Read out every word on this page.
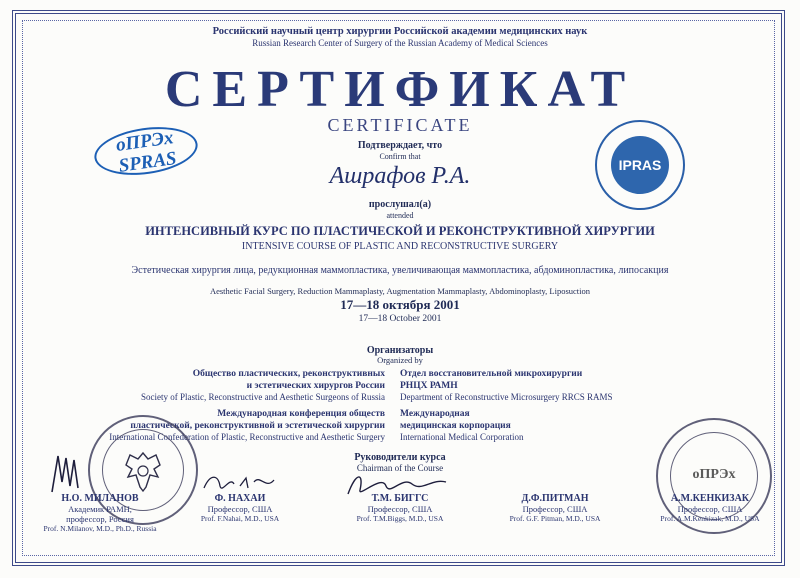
Российский научный центр хирургии Российской академии медицинских наук
Russian Research Center of Surgery of the Russian Academy of Medical Sciences
СЕРТИФИКАТ
CERTIFICATE
оПРЭх
SPRAS	IPRAS
Подтверждает, что
Confirm that
Ашрафов Р.А.
прослушал(а)
attended
ИНТЕНСИВНЫЙ КУРС ПО ПЛАСТИЧЕСКОЙ И РЕКОНСТРУКТИВНОЙ ХИРУРГИИ
INTENSIVE COURSE OF PLASTIC AND RECONSTRUCTIVE SURGERY
Эстетическая хирургия лица, редукционная маммопластика, увеличивающая маммопластика, абдоминопластика, липосакция
Aesthetic Facial Surgery, Reduction Mammaplasty, Augmentation Mammaplasty, Abdominoplasty, Liposuction
17—18 октября 2001
17—18 October 2001
Организаторы
Organized by
Общество пластических, реконструктивных
и эстетических хирургов России
Society of Plastic, Reconstructive and Aesthetic Surgeons of Russia
Отдел восстановительной микрохирургии
РНЦХ РАМН
Department of Reconstructive Microsurgery RRCS RAMS
Международная конференция обществ
пластической, реконструктивной и эстетической хирургии
International Confederation of Plastic, Reconstructive and Aesthetic Surgery
Международная
медицинская корпорация
International Medical Corporation
Руководители курса
Chairman of the Course	оПРЭх
Н.О. МИЛАНОВ
Академик РАМН,
профессор, Россия
Prof. N.Milanov, M.D., Ph.D., Russia
Ф. НАХАИ
Профессор, США
Prof. F.Nahai, M.D., USA
Т.М. БИГГС
Профессор, США
Prof. T.M.Biggs, M.D., USA
Д.Ф.ПИТМАН
Профессор, США
Prof. G.F. Pitman, M.D., USA
А.М.КЕНКИЗАК
Профессор, США
Prof. A.M.Kenkizak, M.D., USA
